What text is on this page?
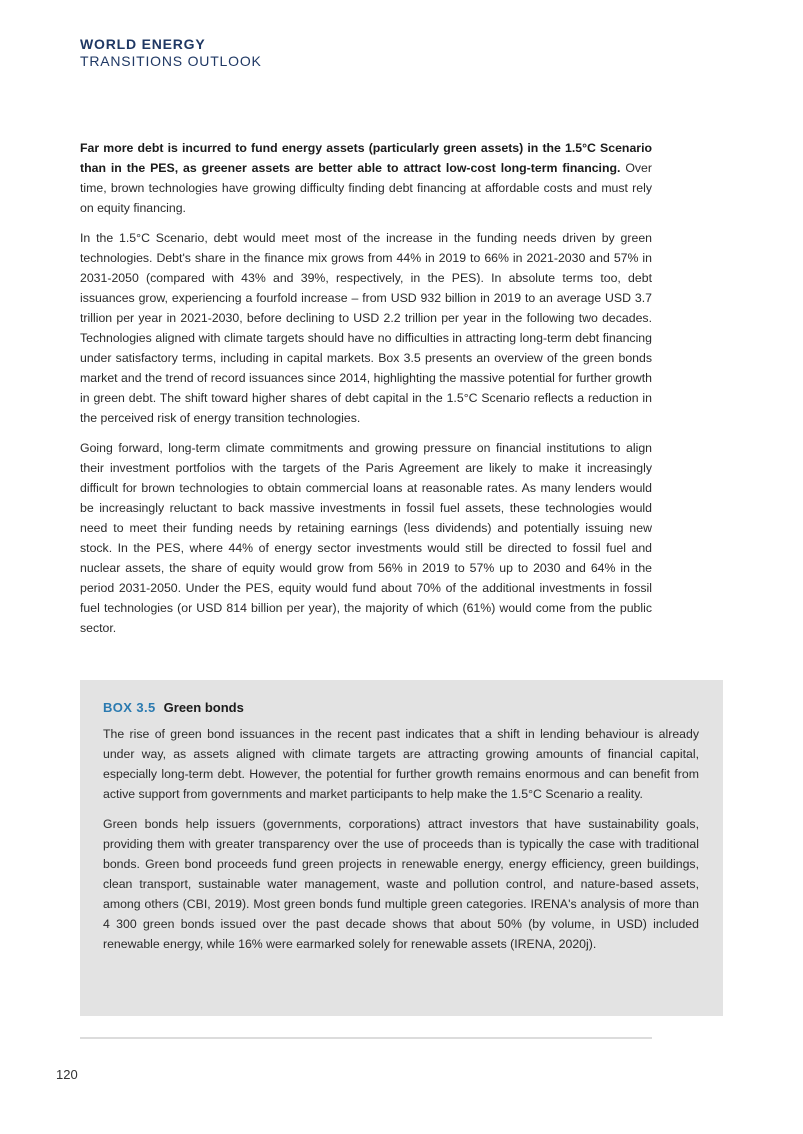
WORLD ENERGY
TRANSITIONS OUTLOOK

Far more debt is incurred to fund energy assets (particularly green assets) in the 1.5°C Scenario than in the PES, as greener assets are better able to attract low-cost long-term financing. Over time, brown technologies have growing difficulty finding debt financing at affordable costs and must rely on equity financing.

In the 1.5°C Scenario, debt would meet most of the increase in the funding needs driven by green technologies. Debt's share in the finance mix grows from 44% in 2019 to 66% in 2021-2030 and 57% in 2031-2050 (compared with 43% and 39%, respectively, in the PES). In absolute terms too, debt issuances grow, experiencing a fourfold increase – from USD 932 billion in 2019 to an average USD 3.7 trillion per year in 2021-2030, before declining to USD 2.2 trillion per year in the following two decades. Technologies aligned with climate targets should have no difficulties in attracting long-term debt financing under satisfactory terms, including in capital markets. Box 3.5 presents an overview of the green bonds market and the trend of record issuances since 2014, highlighting the massive potential for further growth in green debt. The shift toward higher shares of debt capital in the 1.5°C Scenario reflects a reduction in the perceived risk of energy transition technologies.

Going forward, long-term climate commitments and growing pressure on financial institutions to align their investment portfolios with the targets of the Paris Agreement are likely to make it increasingly difficult for brown technologies to obtain commercial loans at reasonable rates. As many lenders would be increasingly reluctant to back massive investments in fossil fuel assets, these technologies would need to meet their funding needs by retaining earnings (less dividends) and potentially issuing new stock. In the PES, where 44% of energy sector investments would still be directed to fossil fuel and nuclear assets, the share of equity would grow from 56% in 2019 to 57% up to 2030 and 64% in the period 2031-2050. Under the PES, equity would fund about 70% of the additional investments in fossil fuel technologies (or USD 814 billion per year), the majority of which (61%) would come from the public sector.

BOX 3.5 Green bonds

The rise of green bond issuances in the recent past indicates that a shift in lending behaviour is already under way, as assets aligned with climate targets are attracting growing amounts of financial capital, especially long-term debt. However, the potential for further growth remains enormous and can benefit from active support from governments and market participants to help make the 1.5°C Scenario a reality.

Green bonds help issuers (governments, corporations) attract investors that have sustainability goals, providing them with greater transparency over the use of proceeds than is typically the case with traditional bonds. Green bond proceeds fund green projects in renewable energy, energy efficiency, green buildings, clean transport, sustainable water management, waste and pollution control, and nature-based assets, among others (CBI, 2019). Most green bonds fund multiple green categories. IRENA's analysis of more than 4 300 green bonds issued over the past decade shows that about 50% (by volume, in USD) included renewable energy, while 16% were earmarked solely for renewable assets (IRENA, 2020j).

120
